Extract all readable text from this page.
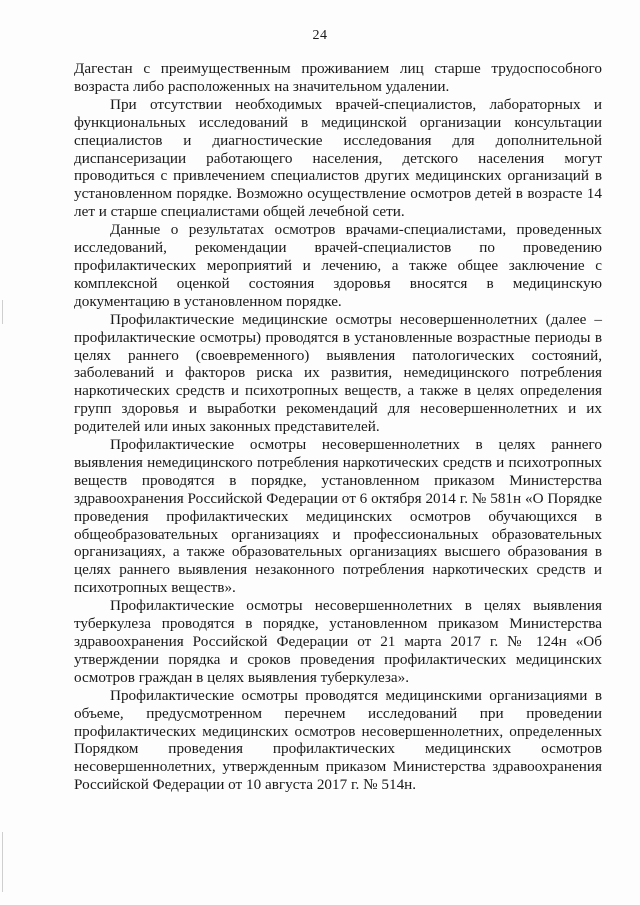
24

Дагестан с преимущественным проживанием лиц старше трудоспособного возраста либо расположенных на значительном удалении.

При отсутствии необходимых врачей-специалистов, лабораторных и функциональных исследований в медицинской организации консультации специалистов и диагностические исследования для дополнительной диспансеризации работающего населения, детского населения могут проводиться с привлечением специалистов других медицинских организаций в установленном порядке. Возможно осуществление осмотров детей в возрасте 14 лет и старше специалистами общей лечебной сети.

Данные о результатах осмотров врачами-специалистами, проведенных исследований, рекомендации врачей-специалистов по проведению профилактических мероприятий и лечению, а также общее заключение с комплексной оценкой состояния здоровья вносятся в медицинскую документацию в установленном порядке.

Профилактические медицинские осмотры несовершеннолетних (далее – профилактические осмотры) проводятся в установленные возрастные периоды в целях раннего (своевременного) выявления патологических состояний, заболеваний и факторов риска их развития, немедицинского потребления наркотических средств и психотропных веществ, а также в целях определения групп здоровья и выработки рекомендаций для несовершеннолетних и их родителей или иных законных представителей.

Профилактические осмотры несовершеннолетних в целях раннего выявления немедицинского потребления наркотических средств и психотропных веществ проводятся в порядке, установленном приказом Министерства здравоохранения Российской Федерации от 6 октября 2014 г. № 581н «О Порядке проведения профилактических медицинских осмотров обучающихся в общеобразовательных организациях и профессиональных образовательных организациях, а также образовательных организациях высшего образования в целях раннего выявления незаконного потребления наркотических средств и психотропных веществ».

Профилактические осмотры несовершеннолетних в целях выявления туберкулеза проводятся в порядке, установленном приказом Министерства здравоохранения Российской Федерации от 21 марта 2017 г. № 124н «Об утверждении порядка и сроков проведения профилактических медицинских осмотров граждан в целях выявления туберкулеза».

Профилактические осмотры проводятся медицинскими организациями в объеме, предусмотренном перечнем исследований при проведении профилактических медицинских осмотров несовершеннолетних, определенных Порядком проведения профилактических медицинских осмотров несовершеннолетних, утвержденным приказом Министерства здравоохранения Российской Федерации от 10 августа 2017 г. № 514н.
